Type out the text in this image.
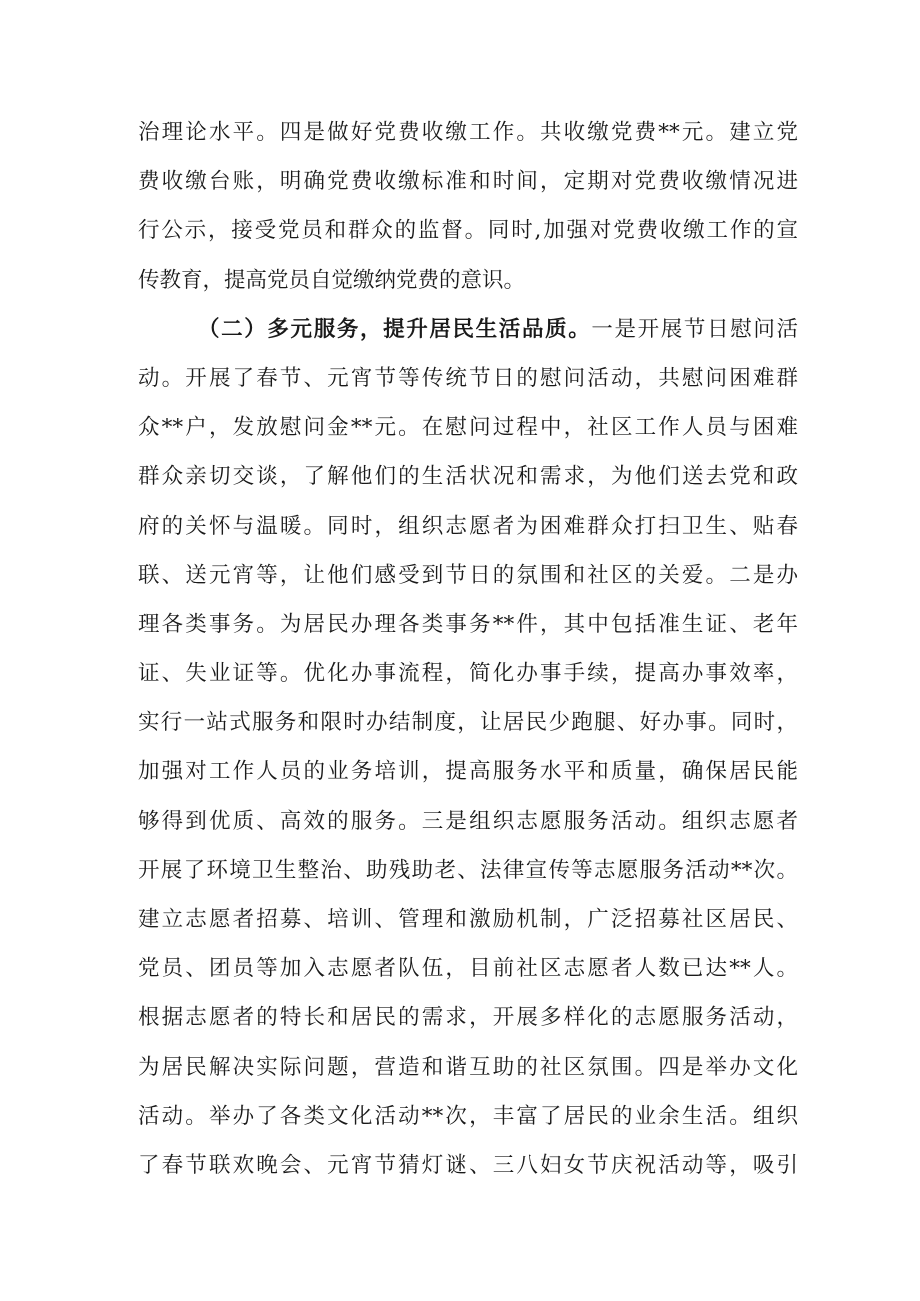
治理论水平。四是做好党费收缴工作。共收缴党费**元。建立党
费收缴台账，明确党费收缴标准和时间，定期对党费收缴情况进
行公示，接受党员和群众的监督。同时,加强对党费收缴工作的宣
传教育，提高党员自觉缴纳党费的意识。
（二）多元服务，提升居民生活品质。一是开展节日慰问活
动。开展了春节、元宵节等传统节日的慰问活动，共慰问困难群
众**户，发放慰问金**元。在慰问过程中，社区工作人员与困难
群众亲切交谈，了解他们的生活状况和需求，为他们送去党和政
府的关怀与温暖。同时，组织志愿者为困难群众打扫卫生、贴春
联、送元宵等，让他们感受到节日的氛围和社区的关爱。二是办
理各类事务。为居民办理各类事务**件，其中包括准生证、老年
证、失业证等。优化办事流程，简化办事手续，提高办事效率，
实行一站式服务和限时办结制度，让居民少跑腿、好办事。同时，
加强对工作人员的业务培训，提高服务水平和质量，确保居民能
够得到优质、高效的服务。三是组织志愿服务活动。组织志愿者
开展了环境卫生整治、助残助老、法律宣传等志愿服务活动**次。
建立志愿者招募、培训、管理和激励机制，广泛招募社区居民、
党员、团员等加入志愿者队伍，目前社区志愿者人数已达**人。
根据志愿者的特长和居民的需求，开展多样化的志愿服务活动，
为居民解决实际问题，营造和谐互助的社区氛围。四是举办文化
活动。举办了各类文化活动**次，丰富了居民的业余生活。组织
了春节联欢晚会、元宵节猜灯谜、三八妇女节庆祝活动等，吸引
